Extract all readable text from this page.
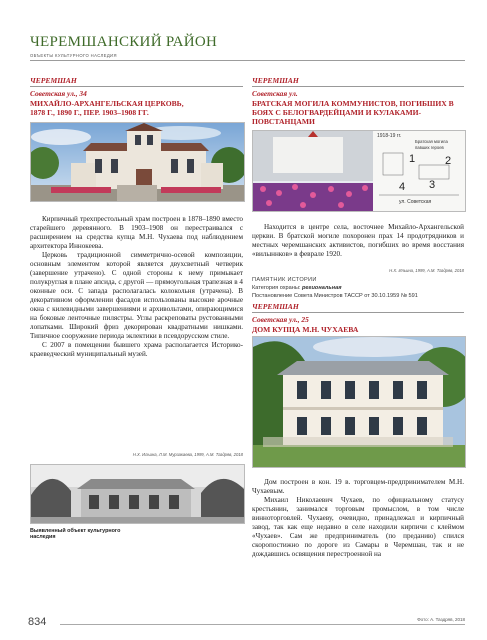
ЧЕРЕМШАНСКИЙ РАЙОН
ОБЪЕКТЫ КУЛЬТУРНОГО НАСЛЕДИЯ
ЧЕРЕМШАН
Советская ул., 34
МИХАЙЛО-АРХАНГЕЛЬСКАЯ ЦЕРКОВЬ,
1878 Г., 1890 Г., ПЕР. 1903–1908 ГГ.

Кирпичный трехпрестольный храм построен в 1878–1890 вместо старейшего деревянного. В 1903–1908 он перестраивался с расширением на средства купца М.Н. Чухаева под наблюдением архитектора Иннокеева.

Церковь традиционной симметрично-осевой композиции, основным элементом которой является двухсветный четверик (завершение утрачено). С одной стороны к нему примыкает полукруглая в плане апсида, с другой — прямоугольная трапезная в 4 оконные оси. С запада располагалась колокольня (утрачена). В декоративном оформлении фасадов использованы высокие арочные окна с килевидными завершениями и архивольтами, опирающимися на боковые ленточные пилястры. Углы раскреповаты рустованными лопатками. Широкий фриз декорирован квадратными нишками. Типичное сооружение периода эклектики в псевдорусском стиле.

С 2007 в помещении бывшего храма располагается Историко-краеведческий муниципальный музей.

Н.Х. Ильина, Л.М. Мурзакаева, 1999, А.М. Таздряв, 2018
Выявленный объект культурного наследия
ЧЕРЕМШАН
Советская ул.
БРАТСКАЯ МОГИЛА КОММУНИСТОВ, ПОГИБШИХ В БОЯХ С БЕЛОГВАРДЕЙЦАМИ И КУЛАКАМИ-ПОВСТАНЦАМИ
1918-19 гг.
Братская могила
павших героев
1	2
3
4
ул. Советская

Находится в центре села, восточнее Михайло-Архангельской церкви. В братской могиле похоронен прах 14 продотрядников и местных черемшанских активистов, погибших во время восстания «вилыннков» в феврале 1920.

Н.Х. Ильина, 1999, А.М. Таздряв, 2018
ПАМЯТНИК ИСТОРИИ
Категория охраны: региональная
Постановление Совета Министров ТАССР от 30.10.1959 № 591
ЧЕРЕМШАН
Советская ул., 25
ДОМ КУПЦА М.Н. ЧУХАЕВА

Дом построен в кон. 19 в. торговцем-предпринимателем М.Н. Чухаевым.

Михаил Николаевич Чухаев, по официальному статусу крестьянин, занимался торговым промыслом, в том числе винноторговлей. Чухаеву, очевидно, принадлежал и кирпичный завод, так как еще недавно в селе находили кирпичи с клеймом «Чухаев». Сам же предприниматель (по преданию) спился скоропостижно по дороге из Самары в Черемшан, так и не дождавшись освящения перестроенной на

834	Фото: А. Таздряв, 2018
